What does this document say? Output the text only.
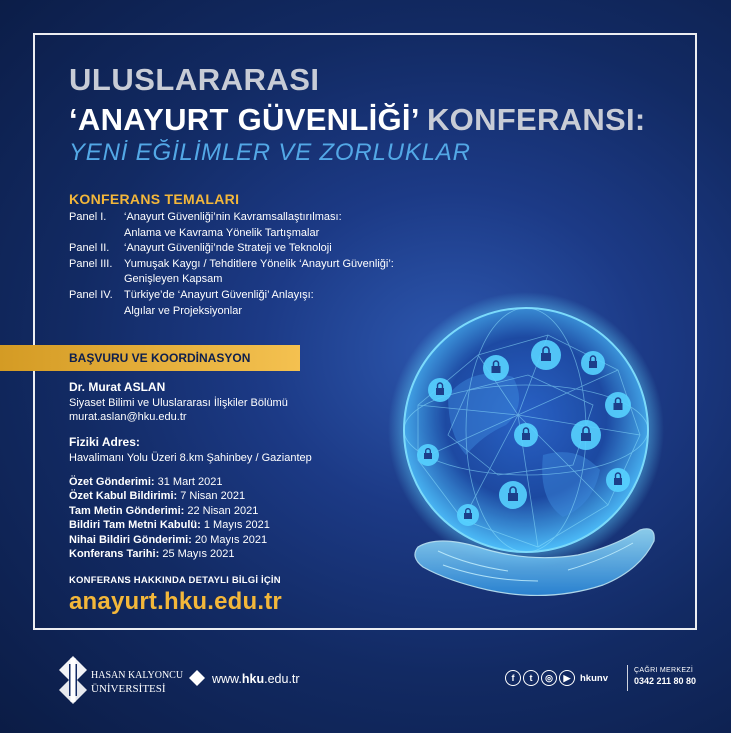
ULUSLARARASI
‘ANAYURT GÜVENLİĞİ’ KONFERANSI:
YENİ EĞİLİMLER VE ZORLUKLAR
KONFERANS TEMALARI
Panel I.	‘Anayurt Güvenliği’nin Kavramsallaştırılması:
Anlama ve Kavrama Yönelik Tartışmalar
Panel II.	‘Anayurt Güvenliği’nde Strateji ve Teknoloji
Panel III.	Yumuşak Kaygı / Tehditlere Yönelik ‘Anayurt Güvenliği’:
Genişleyen Kapsam
Panel IV.	Türkiye’de ‘Anayurt Güvenliği’ Anlayışı:
Algılar ve Projeksiyonlar
BAŞVURU VE KOORDİNASYON
Dr. Murat ASLAN
Siyaset Bilimi ve Uluslararası İlişkiler Bölümü
murat.aslan@hku.edu.tr
Fiziki Adres:
Havalimanı Yolu Üzeri 8.km Şahinbey / Gaziantep
Özet Gönderimi: 31 Mart 2021
Özet Kabul Bildirimi: 7 Nisan 2021
Tam Metin Gönderimi: 22 Nisan 2021
Bildiri Tam Metni Kabulü: 1 Mayıs 2021
Nihai Bildiri Gönderimi: 20 Mayıs 2021
Konferans Tarihi: 25 Mayıs 2021
KONFERANS HAKKINDA DETAYLI BİLGİ İÇİN
anayurt.hku.edu.tr
HASAN KALYONCU
ÜNİVERSİTESİ
www.hku.edu.tr	f	t	◎	▶	hkunv
ÇAĞRI MERKEZİ
0342 211 80 80
